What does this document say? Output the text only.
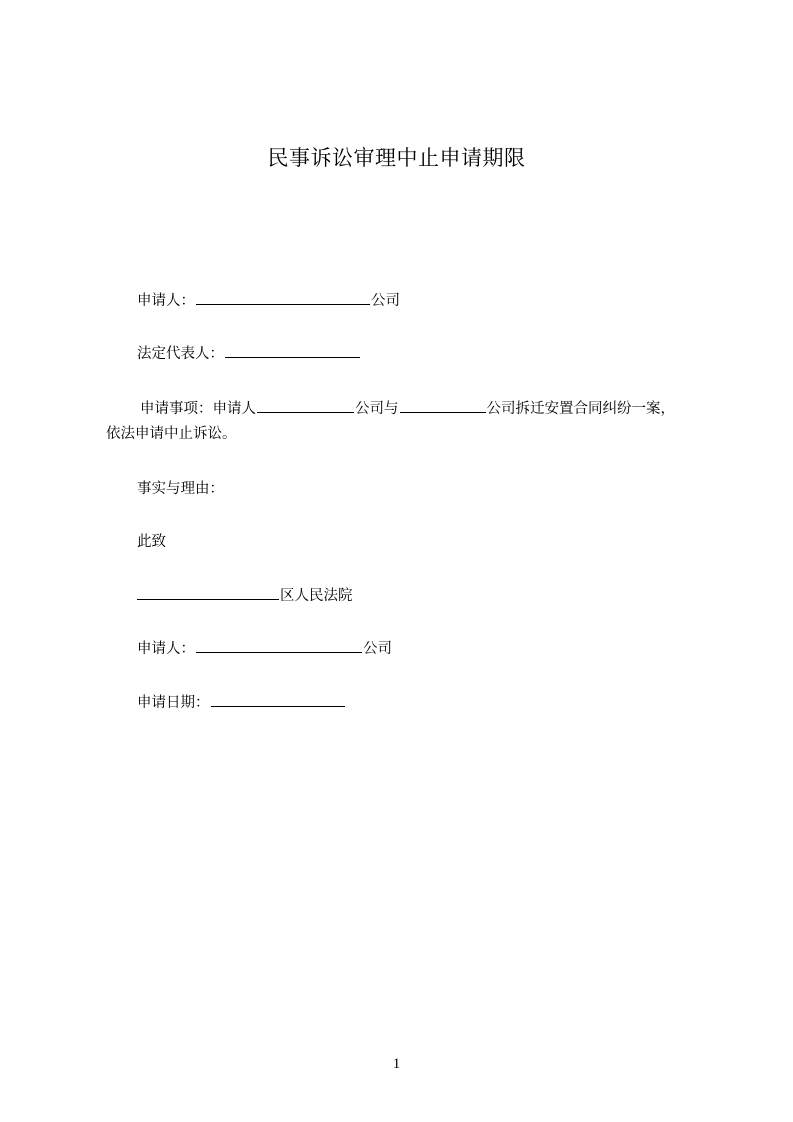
民事诉讼审理中止申请期限
申请人：	公司
法定代表人：
申请事项：申请人	公司与	公司拆迁安置合同纠纷一案，
依法申请中止诉讼。
事实与理由：
此致
区人民法院
申请人：	公司
申请日期：
1
